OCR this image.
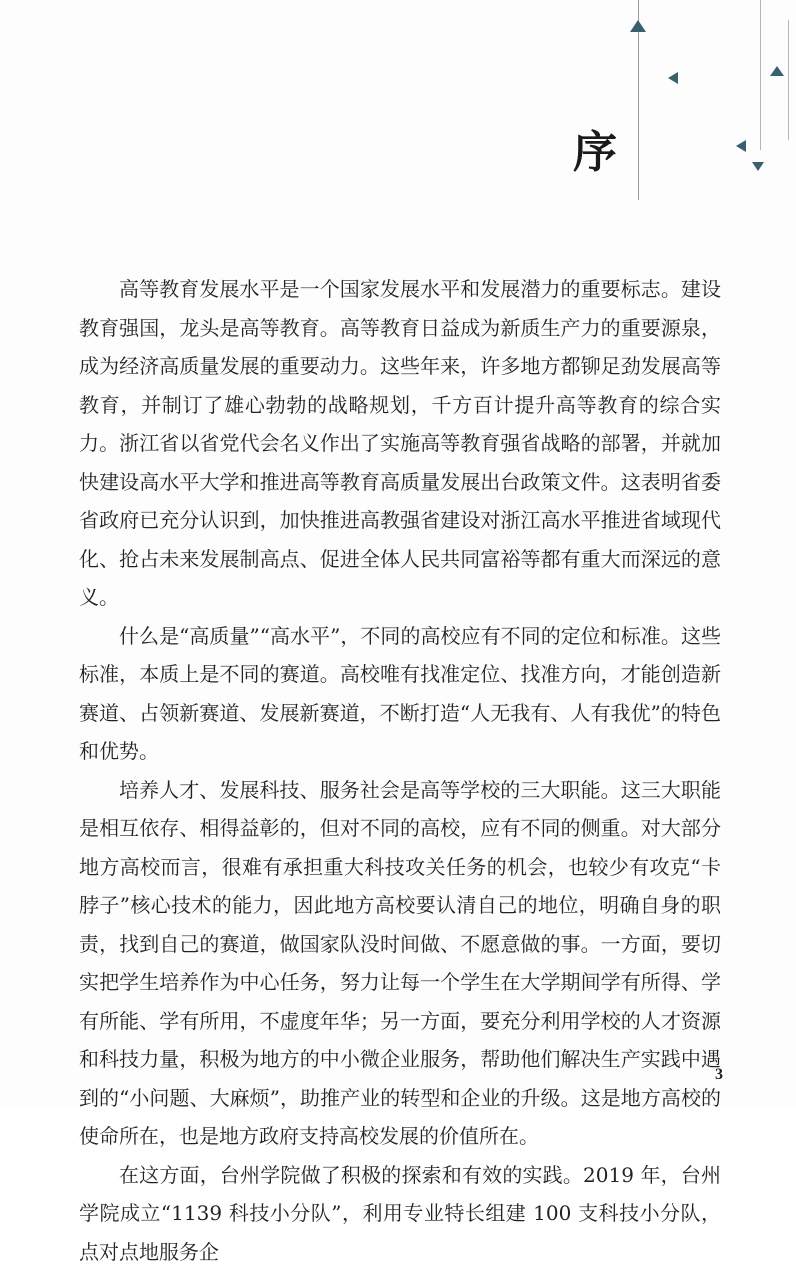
序

高等教育发展水平是一个国家发展水平和发展潜力的重要标志。建设教育强国，龙头是高等教育。高等教育日益成为新质生产力的重要源泉，成为经济高质量发展的重要动力。这些年来，许多地方都铆足劲发展高等教育，并制订了雄心勃勃的战略规划，千方百计提升高等教育的综合实力。浙江省以省党代会名义作出了实施高等教育强省战略的部署，并就加快建设高水平大学和推进高等教育高质量发展出台政策文件。这表明省委省政府已充分认识到，加快推进高教强省建设对浙江高水平推进省域现代化、抢占未来发展制高点、促进全体人民共同富裕等都有重大而深远的意义。

什么是“高质量”“高水平”，不同的高校应有不同的定位和标准。这些标准，本质上是不同的赛道。高校唯有找准定位、找准方向，才能创造新赛道、占领新赛道、发展新赛道，不断打造“人无我有、人有我优”的特色和优势。

培养人才、发展科技、服务社会是高等学校的三大职能。这三大职能是相互依存、相得益彰的，但对不同的高校，应有不同的侧重。对大部分地方高校而言，很难有承担重大科技攻关任务的机会，也较少有攻克“卡脖子”核心技术的能力，因此地方高校要认清自己的地位，明确自身的职责，找到自己的赛道，做国家队没时间做、不愿意做的事。一方面，要切实把学生培养作为中心任务，努力让每一个学生在大学期间学有所得、学有所能、学有所用，不虚度年华；另一方面，要充分利用学校的人才资源和科技力量，积极为地方的中小微企业服务，帮助他们解决生产实践中遇到的“小问题、大麻烦”，助推产业的转型和企业的升级。这是地方高校的使命所在，也是地方政府支持高校发展的价值所在。

在这方面，台州学院做了积极的探索和有效的实践。2019 年，台州学院成立“1139 科技小分队”，利用专业特长组建 100 支科技小分队，点对点地服务企

3
